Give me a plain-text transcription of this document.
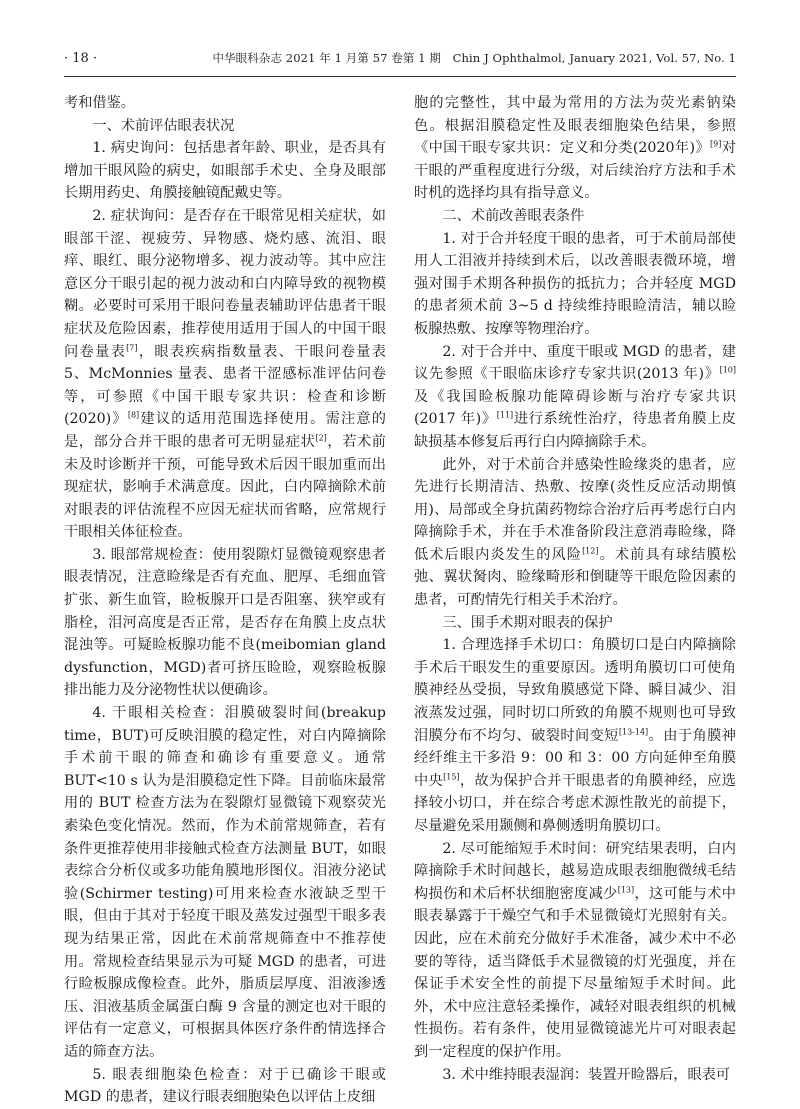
· 18 ·	中华眼科杂志 2021 年 1 月第 57 卷第 1 期　Chin J Ophthalmol, January 2021, Vol. 57, No. 1

考和借鉴。

一、术前评估眼表状况

1. 病史询问：包括患者年龄、职业，是否具有增加干眼风险的病史，如眼部手术史、全身及眼部长期用药史、角膜接触镜配戴史等。

2. 症状询问：是否存在干眼常见相关症状，如眼部干涩、视疲劳、异物感、烧灼感、流泪、眼痒、眼红、眼分泌物增多、视力波动等。其中应注意区分干眼引起的视力波动和白内障导致的视物模糊。必要时可采用干眼问卷量表辅助评估患者干眼症状及危险因素，推荐使用适用于国人的中国干眼问卷量表[7]，眼表疾病指数量表、干眼问卷量表 5、McMonnies 量表、患者干涩感标准评估问卷等，可参照《中国干眼专家共识：检查和诊断(2020)》[8]建议的适用范围选择使用。需注意的是，部分合并干眼的患者可无明显症状[2]，若术前未及时诊断并干预，可能导致术后因干眼加重而出现症状，影响手术满意度。因此，白内障摘除术前对眼表的评估流程不应因无症状而省略，应常规行干眼相关体征检查。

3. 眼部常规检查：使用裂隙灯显微镜观察患者眼表情况，注意睑缘是否有充血、肥厚、毛细血管扩张、新生血管，睑板腺开口是否阻塞、狭窄或有脂栓，泪河高度是否正常，是否存在角膜上皮点状混浊等。可疑睑板腺功能不良(meibomian gland dysfunction，MGD)者可挤压睑睑，观察睑板腺排出能力及分泌物性状以便确诊。

4. 干眼相关检查：泪膜破裂时间(breakup time，BUT)可反映泪膜的稳定性，对白内障摘除手术前干眼的筛查和确诊有重要意义。通常 BUT<10 s 认为是泪膜稳定性下降。目前临床最常用的 BUT 检查方法为在裂隙灯显微镜下观察荧光素染色变化情况。然而，作为术前常规筛查，若有条件更推荐使用非接触式检查方法测量 BUT，如眼表综合分析仪或多功能角膜地形图仪。泪液分泌试验(Schirmer testing)可用来检查水液缺乏型干眼，但由于其对于轻度干眼及蒸发过强型干眼多表现为结果正常，因此在术前常规筛查中不推荐使用。常规检查结果显示为可疑 MGD 的患者，可进行睑板腺成像检查。此外，脂质层厚度、泪液渗透压、泪液基质金属蛋白酶 9 含量的测定也对干眼的评估有一定意义，可根据具体医疗条件酌情选择合适的筛查方法。

5. 眼表细胞染色检查：对于已确诊干眼或 MGD 的患者，建议行眼表细胞染色以评估上皮细

胞的完整性，其中最为常用的方法为荧光素钠染色。根据泪膜稳定性及眼表细胞染色结果，参照《中国干眼专家共识：定义和分类(2020年)》[9]对干眼的严重程度进行分级，对后续治疗方法和手术时机的选择均具有指导意义。

二、术前改善眼表条件

1. 对于合并轻度干眼的患者，可于术前局部使用人工泪液并持续到术后，以改善眼表微环境，增强对围手术期各种损伤的抵抗力；合并轻度 MGD 的患者须术前 3~5 d 持续维持眼睑清洁，辅以睑板腺热敷、按摩等物理治疗。

2. 对于合并中、重度干眼或 MGD 的患者，建议先参照《干眼临床诊疗专家共识(2013 年)》[10]及《我国睑板腺功能障碍诊断与治疗专家共识(2017 年)》[11]进行系统性治疗，待患者角膜上皮缺损基本修复后再行白内障摘除手术。

此外，对于术前合并感染性睑缘炎的患者，应先进行长期清洁、热敷、按摩(炎性反应活动期慎用)、局部或全身抗菌药物综合治疗后再考虑行白内障摘除手术，并在手术准备阶段注意消毒睑缘，降低术后眼内炎发生的风险[12]。术前具有球结膜松弛、翼状胬肉、睑缘畸形和倒睫等干眼危险因素的患者，可酌情先行相关手术治疗。

三、围手术期对眼表的保护

1. 合理选择手术切口：角膜切口是白内障摘除手术后干眼发生的重要原因。透明角膜切口可使角膜神经丛受损，导致角膜感觉下降、瞬目减少、泪液蒸发过强，同时切口所致的角膜不规则也可导致泪膜分布不均匀、破裂时间变短[13-14]。由于角膜神经纤维主干多沿 9：00 和 3：00 方向延伸至角膜中央[15]，故为保护合并干眼患者的角膜神经，应选择较小切口，并在综合考虑术源性散光的前提下，尽量避免采用颞侧和鼻侧透明角膜切口。

2. 尽可能缩短手术时间：研究结果表明，白内障摘除手术时间越长，越易造成眼表细胞微绒毛结构损伤和术后杯状细胞密度减少[13]，这可能与术中眼表暴露于干燥空气和手术显微镜灯光照射有关。因此，应在术前充分做好手术准备，减少术中不必要的等待，适当降低手术显微镜的灯光强度，并在保证手术安全性的前提下尽量缩短手术时间。此外，术中应注意轻柔操作，减轻对眼表组织的机械性损伤。若有条件，使用显微镜滤光片可对眼表起到一定程度的保护作用。

3. 术中维持眼表湿润：装置开睑器后，眼表可
